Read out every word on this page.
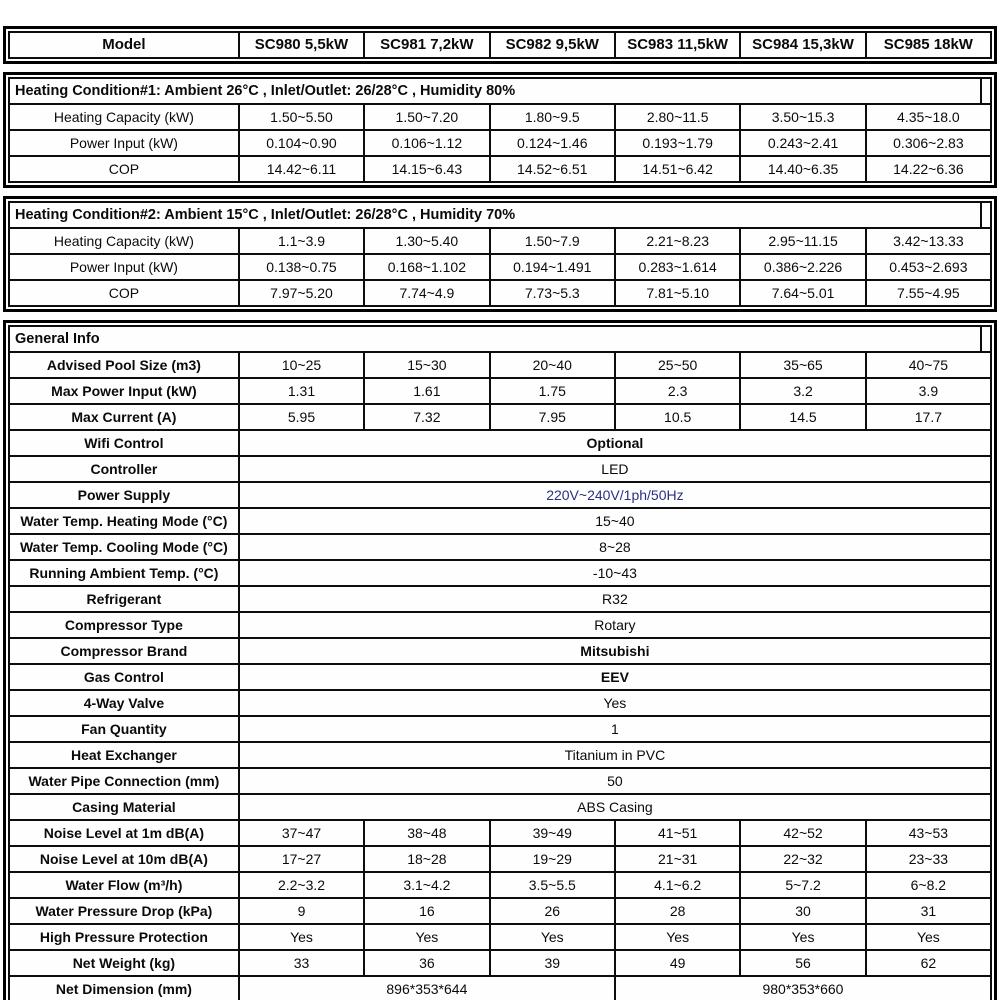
Model	SC980 5,5kW	SC981 7,2kW	SC982 9,5kW	SC983 11,5kW	SC984 15,3kW	SC985 18kW
Heating Condition#1: Ambient 26°C , Inlet/Outlet: 26/28°C , Humidity 80%							
Heating Capacity (kW)	1.50~5.50	1.50~7.20	1.80~9.5	2.80~11.5	3.50~15.3	4.35~18.0	
Power Input (kW)	0.104~0.90	0.106~1.12	0.124~1.46	0.193~1.79	0.243~2.41	0.306~2.83	
COP	14.42~6.11	14.15~6.43	14.52~6.51	14.51~6.42	14.40~6.35	14.22~6.36	
Heating Condition#2: Ambient 15°C , Inlet/Outlet: 26/28°C , Humidity 70%							
Heating Capacity (kW)	1.1~3.9	1.30~5.40	1.50~7.9	2.21~8.23	2.95~11.15	3.42~13.33	
Power Input (kW)	0.138~0.75	0.168~1.102	0.194~1.491	0.283~1.614	0.386~2.226	0.453~2.693	
COP	7.97~5.20	7.74~4.9	7.73~5.3	7.81~5.10	7.64~5.01	7.55~4.95	
General Info							
Advised Pool Size (m3)	10~25	15~30	20~40	25~50	35~65	40~75	
Max Power Input (kW)	1.31	1.61	1.75	2.3	3.2	3.9	
Max Current (A)	5.95	7.32	7.95	10.5	14.5	17.7	
Wifi Control	Optional						
Controller	LED						
Power Supply	220V~240V/1ph/50Hz						
Water Temp. Heating Mode (°C)	15~40						
Water Temp. Cooling Mode (°C)	8~28						
Running Ambient Temp. (°C)	-10~43						
Refrigerant	R32						
Compressor Type	Rotary						
Compressor Brand	Mitsubishi						
Gas Control	EEV						
4-Way Valve	Yes						
Fan Quantity	1						
Heat Exchanger	Titanium in PVC						
Water Pipe Connection (mm)	50						
Casing Material	ABS Casing						
Noise Level at 1m dB(A)	37~47	38~48	39~49	41~51	42~52	43~53	
Noise Level at 10m dB(A)	17~27	18~28	19~29	21~31	22~32	23~33	
Water Flow (m³/h)	2.2~3.2	3.1~4.2	3.5~5.5	4.1~6.2	5~7.2	6~8.2	
Water Pressure Drop (kPa)	9	16	26	28	30	31	
High Pressure Protection	Yes	Yes	Yes	Yes	Yes	Yes	
Net Weight (kg)	33	36	39	49	56	62	
Net Dimension (mm)	896*353*644			980*353*660			
